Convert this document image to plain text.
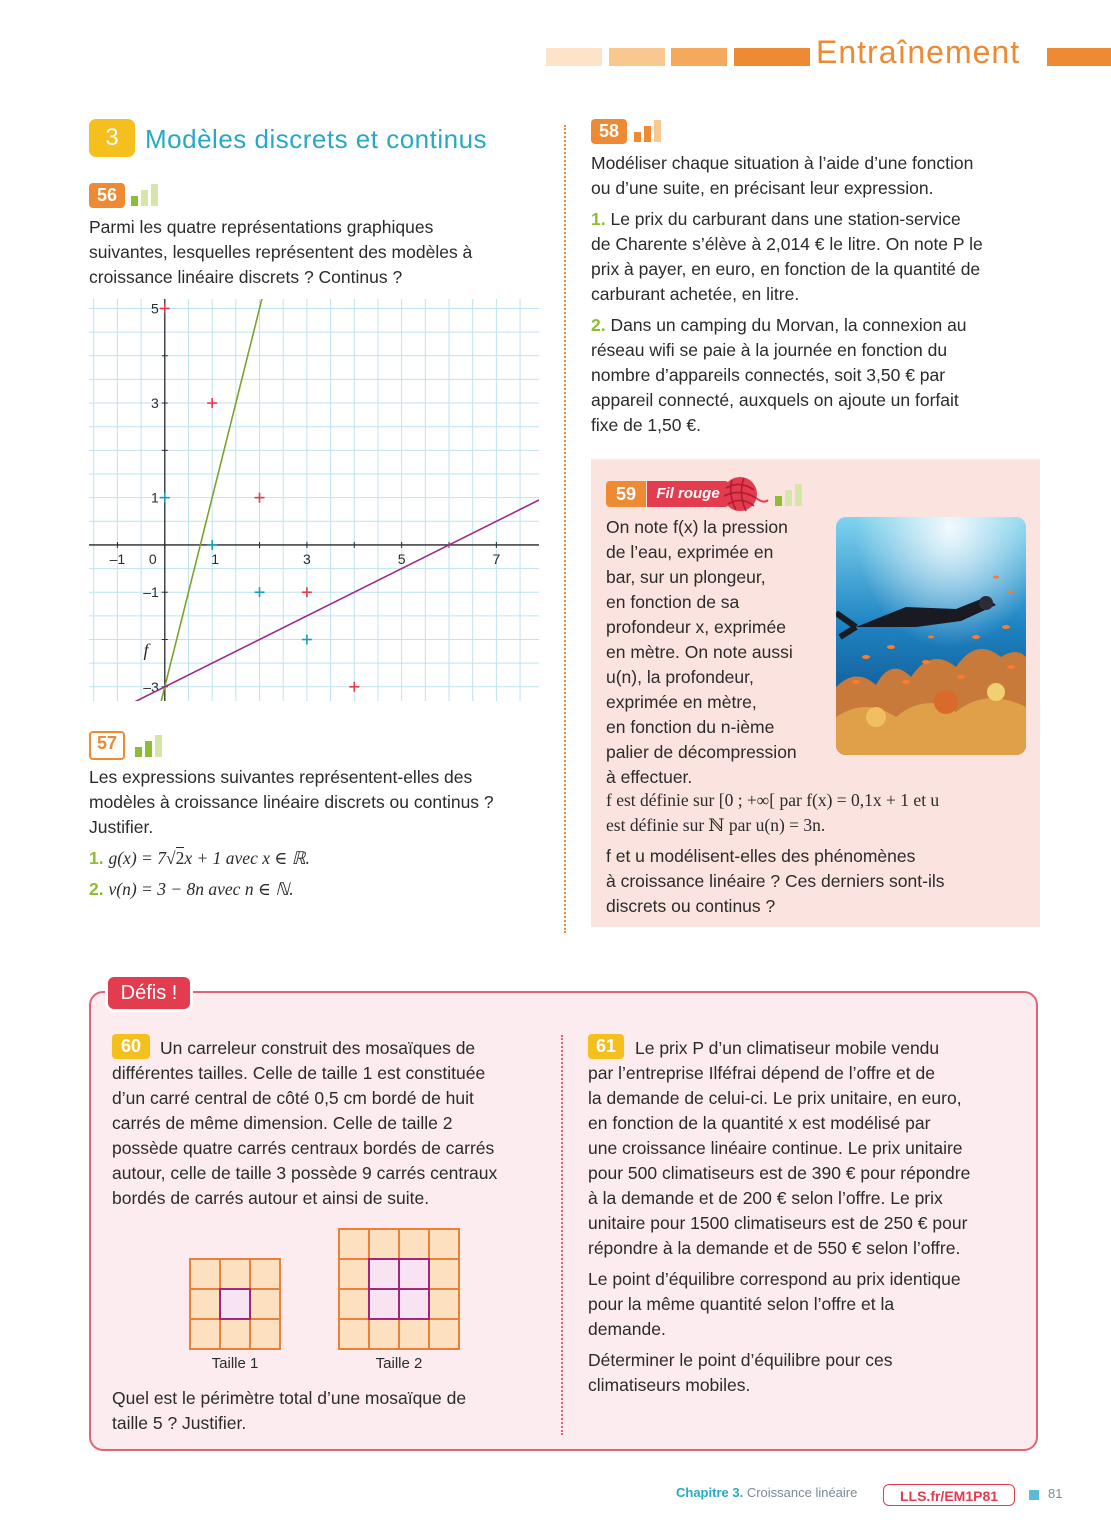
Entraînement
3	Modèles discrets et continus
56
Parmi les quatre représentations graphiques
suivantes, lesquelles représentent des modèles à
croissance linéaire discrets ? Continus ?
–1 0	1	3	5	7
5
3
1
–1
–3
f
57
Les expressions suivantes représentent-elles des
modèles à croissance linéaire discrets ou continus ?
Justifier.
1. g(x) = 7√2x + 1 avec x ∈ ℝ.
2. v(n) = 3 − 8n avec n ∈ ℕ.
58
Modéliser chaque situation à l’aide d’une fonction
ou d’une suite, en précisant leur expression.
1. Le prix du carburant dans une station-service
de Charente s’élève à 2,014 € le litre. On note P le
prix à payer, en euro, en fonction de la quantité de
carburant achetée, en litre.
2. Dans un camping du Morvan, la connexion au
réseau wifi se paie à la journée en fonction du
nombre d’appareils connectés, soit 3,50 € par
appareil connecté, auxquels on ajoute un forfait
fixe de 1,50 €.
59	Fil rouge
On note f(x) la pression
de l’eau, exprimée en
bar, sur un plongeur,
en fonction de sa
profondeur x, exprimée
en mètre. On note aussi
u(n), la profondeur,
exprimée en mètre,
en fonction du n-ième
palier de décompression
à effectuer.
f est définie sur [0 ; +∞[ par f(x) = 0,1x + 1 et u
est définie sur ℕ par u(n) = 3n.
f et u modélisent-elles des phénomènes
à croissance linéaire ? Ces derniers sont-ils
discrets ou continus ?
Défis !
60	Un carreleur construit des mosaïques de
différentes tailles. Celle de taille 1 est constituée
d’un carré central de côté 0,5 cm bordé de huit
carrés de même dimension. Celle de taille 2
possède quatre carrés centraux bordés de carrés
autour, celle de taille 3 possède 9 carrés centraux
bordés de carrés autour et ainsi de suite.
Taille 1	Taille 2
Quel est le périmètre total d’une mosaïque de
taille 5 ? Justifier.
61	Le prix P d’un climatiseur mobile vendu
par l’entreprise Ilféfrai dépend de l’offre et de
la demande de celui-ci. Le prix unitaire, en euro,
en fonction de la quantité x est modélisé par
une croissance linéaire continue. Le prix unitaire
pour 500 climatiseurs est de 390 € pour répondre
à la demande et de 200 € selon l’offre. Le prix
unitaire pour 1500 climatiseurs est de 250 € pour
répondre à la demande et de 550 € selon l’offre.
Le point d’équilibre correspond au prix identique
pour la même quantité selon l’offre et la
demande.
Déterminer le point d’équilibre pour ces
climatiseurs mobiles.
Chapitre 3. Croissance linéaire	LLS.fr/EM1P81	81
